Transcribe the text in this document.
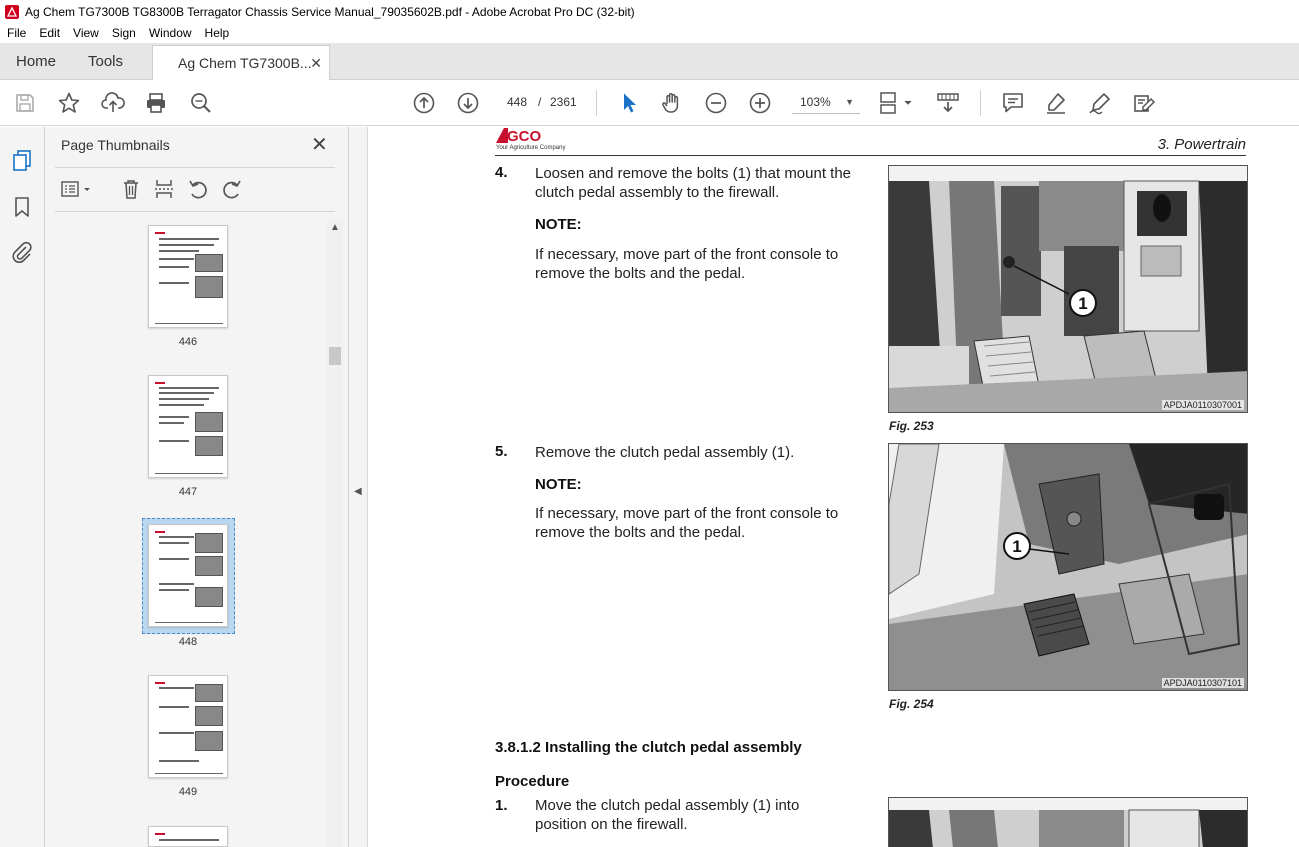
Ag Chem TG7300B TG8300B Terragator Chassis Service Manual_79035602B.pdf - Adobe Acrobat Pro DC (32-bit)
File	Edit	View	Sign	Window	Help
Home Tools	Ag Chem TG7300B...
✕
448 / 2361	103% ▼
Page Thumbnails	✕
▲
446
447
448
449
◀
GCO
Your Agriculture Company	3. Powertrain
4. Loosen and remove the bolts (1) that mount the clutch pedal assembly to the firewall.
NOTE:
If necessary, move part of the front console to remove the bolts and the pedal.
1
APDJA0110307001
Fig. 253
5. Remove the clutch pedal assembly (1).
NOTE:
If necessary, move part of the front console to remove the bolts and the pedal.
1
APDJA0110307101
Fig. 254
3.8.1.2 Installing the clutch pedal assembly
Procedure
1. Move the clutch pedal assembly (1) into position on the firewall.
